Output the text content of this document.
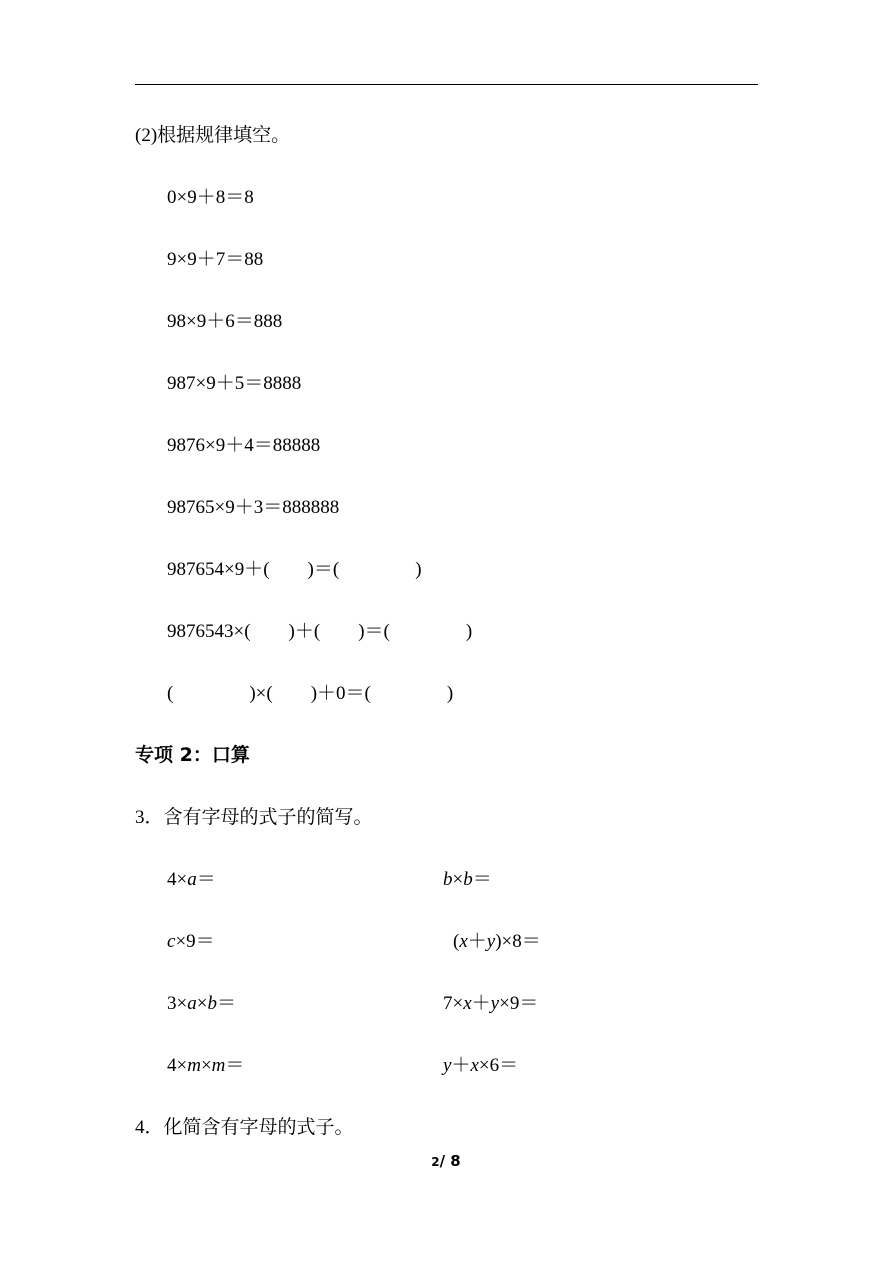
(2)根据规律填空。
0×9＋8＝8
9×9＋7＝88
98×9＋6＝888
987×9＋5＝8888
9876×9＋4＝88888
98765×9＋3＝888888
987654×9＋(　　)＝(　　　　)
9876543×(　　)＋(　　)＝(　　　　)
(　　　　)×(　　)＋0＝(　　　　)
专项 2：口算
3．含有字母的式子的简写。
4×a＝	b×b＝
c×9＝	(x＋y)×8＝
3×a×b＝	7×x＋y×9＝
4×m×m＝	y＋x×6＝
4．化简含有字母的式子。
2/ 8
